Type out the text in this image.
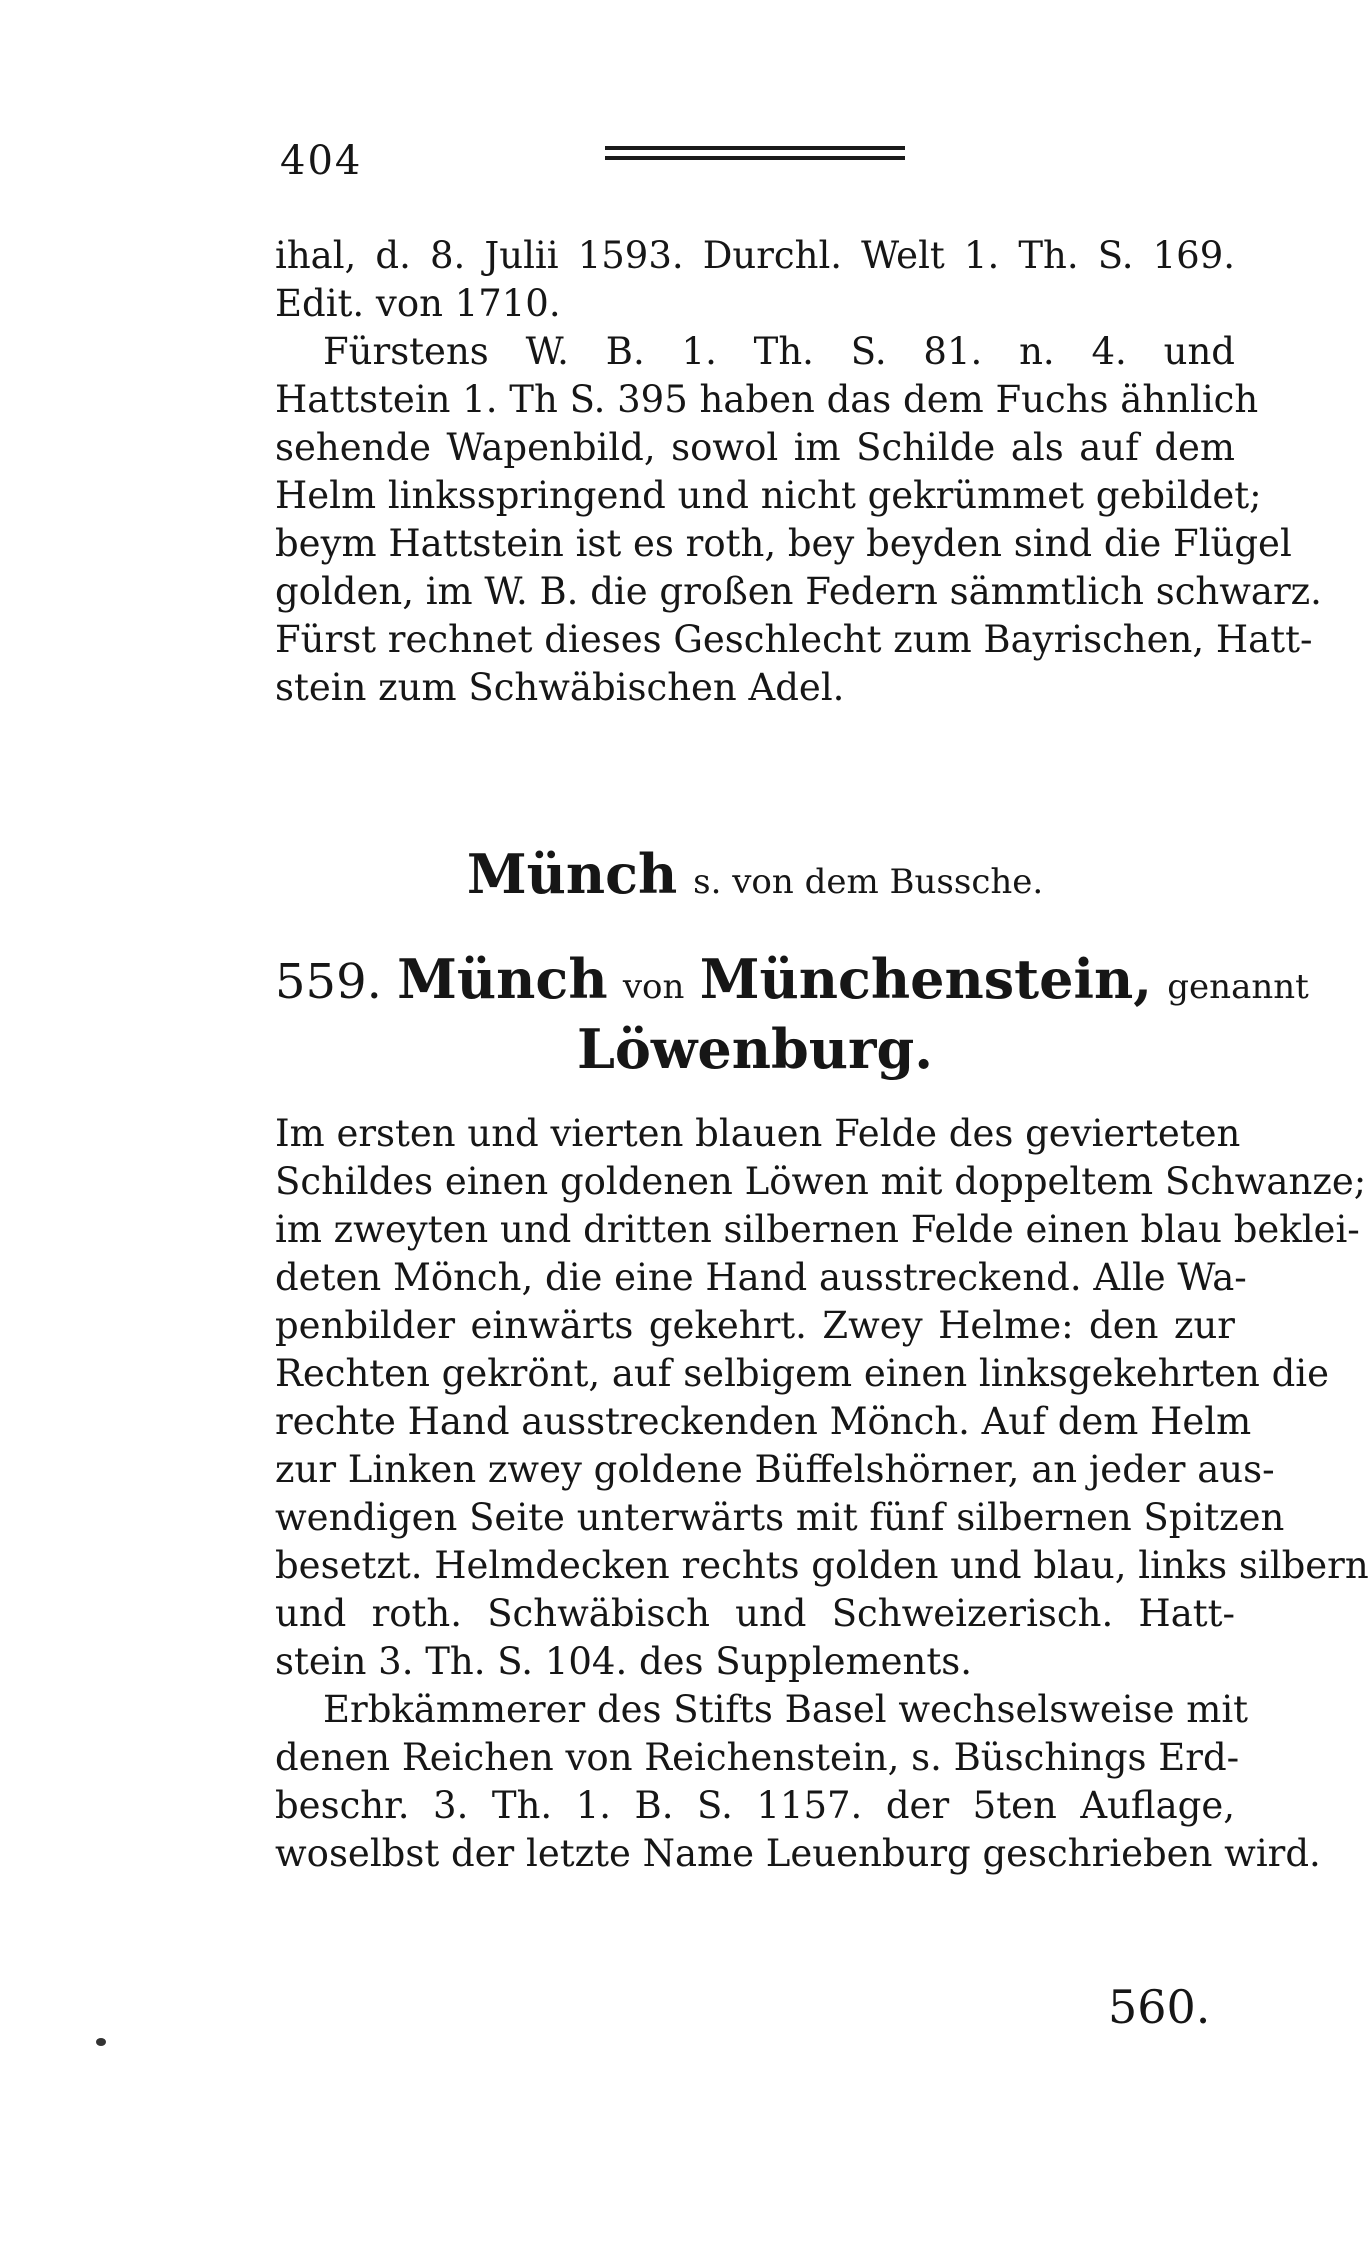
404
ihal, d. 8. Julii 1593. Durchl. Welt 1. Th. S. 169.
Edit. von 1710.
Fürstens W. B. 1. Th. S. 81. n. 4. und
Hattstein 1. Th S. 395 haben das dem Fuchs ähnlich
sehende Wapenbild, sowol im Schilde als auf dem
Helm linksspringend und nicht gekrümmet gebildet;
beym Hattstein ist es roth, bey beyden sind die Flügel
golden, im W. B. die großen Federn sämmtlich schwarz.
Fürst rechnet dieses Geschlecht zum Bayrischen, Hatt-
stein zum Schwäbischen Adel.
Münch s. von dem Bussche.
559. Münch von Münchenstein, genannt
Löwenburg.
Im ersten und vierten blauen Felde des gevierteten
Schildes einen goldenen Löwen mit doppeltem Schwanze;
im zweyten und dritten silbernen Felde einen blau beklei-
deten Mönch, die eine Hand ausstreckend. Alle Wa-
penbilder einwärts gekehrt. Zwey Helme: den zur
Rechten gekrönt, auf selbigem einen linksgekehrten die
rechte Hand ausstreckenden Mönch. Auf dem Helm
zur Linken zwey goldene Büffelshörner, an jeder aus-
wendigen Seite unterwärts mit fünf silbernen Spitzen
besetzt. Helmdecken rechts golden und blau, links silbern
und roth. Schwäbisch und Schweizerisch. Hatt-
stein 3. Th. S. 104. des Supplements.
Erbkämmerer des Stifts Basel wechselsweise mit
denen Reichen von Reichenstein, s. Büschings Erd-
beschr. 3. Th. 1. B. S. 1157. der 5ten Auflage,
woselbst der letzte Name Leuenburg geschrieben wird.
560.
